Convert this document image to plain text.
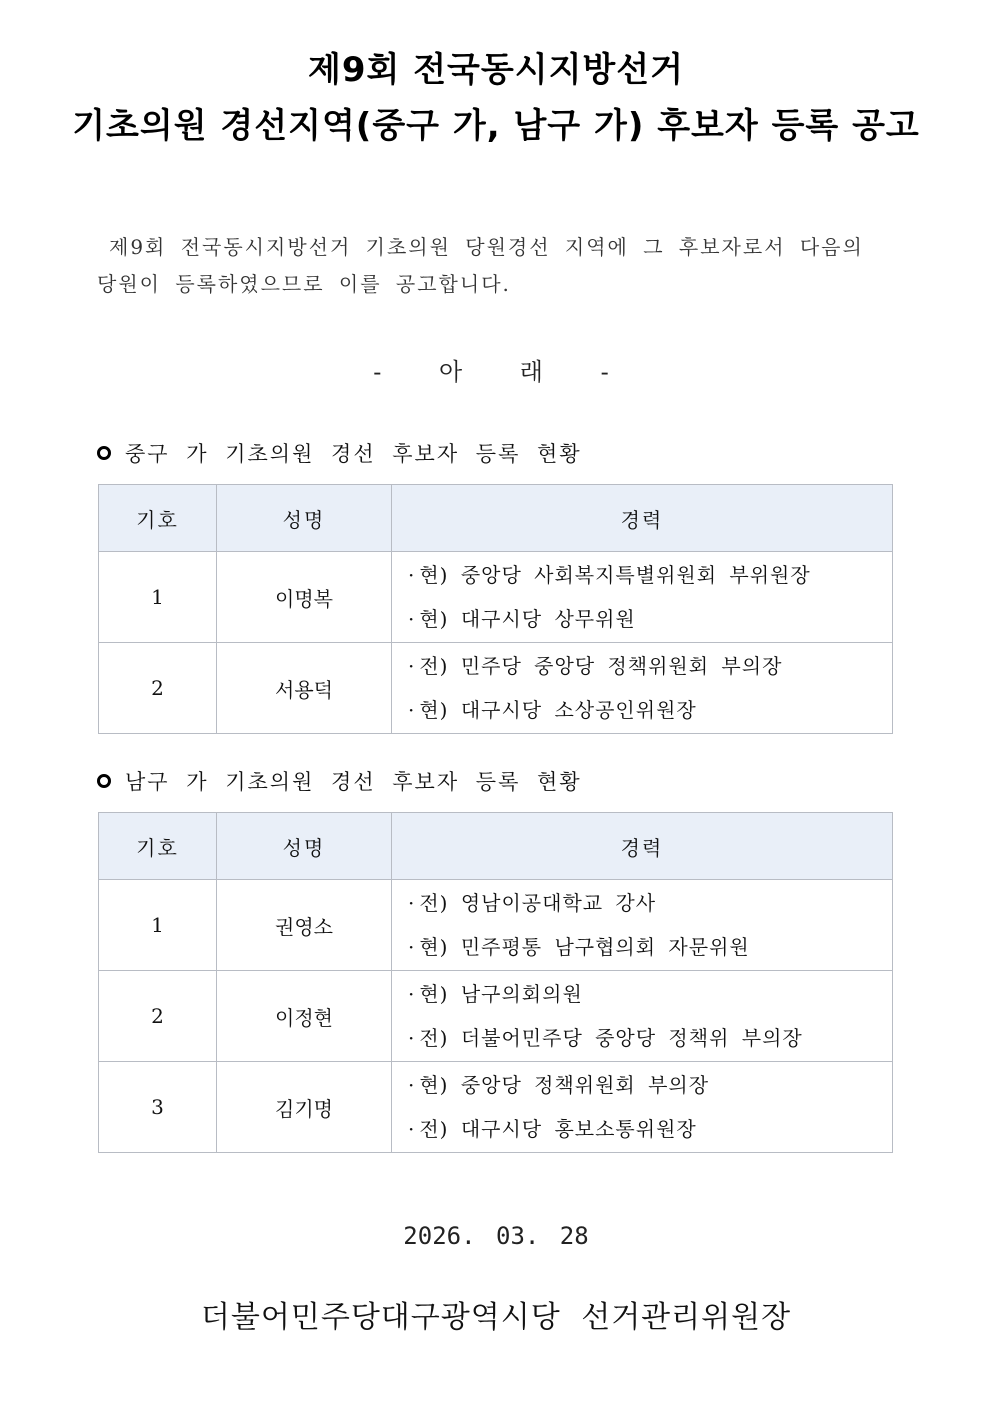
제9회 전국동시지방선거
기초의원 경선지역(중구 가, 남구 가) 후보자 등록 공고
제9회 전국동시지방선거 기초의원 당원경선 지역에 그 후보자로서 다음의
당원이 등록하였으므로 이를 공고합니다.
- 아 래 -
중구 가 기초의원 경선 후보자 등록 현황
기호	성명	경력
1	이명복	· 현) 중앙당 사회복지특별위원회 부위원장
· 현) 대구시당 상무위원

2	서용덕	· 전) 민주당 중앙당 정책위원회 부의장
· 현) 대구시당 소상공인위원장
남구 가 기초의원 경선 후보자 등록 현황
기호	성명	경력
1	권영소	· 전) 영남이공대학교 강사
· 현) 민주평통 남구협의회 자문위원

2	이정현	· 현) 남구의회의원
· 전) 더불어민주당 중앙당 정책위 부의장

3	김기명	· 현) 중앙당 정책위원회 부의장
· 전) 대구시당 홍보소통위원장
2026. 03. 28
더불어민주당대구광역시당 선거관리위원장
